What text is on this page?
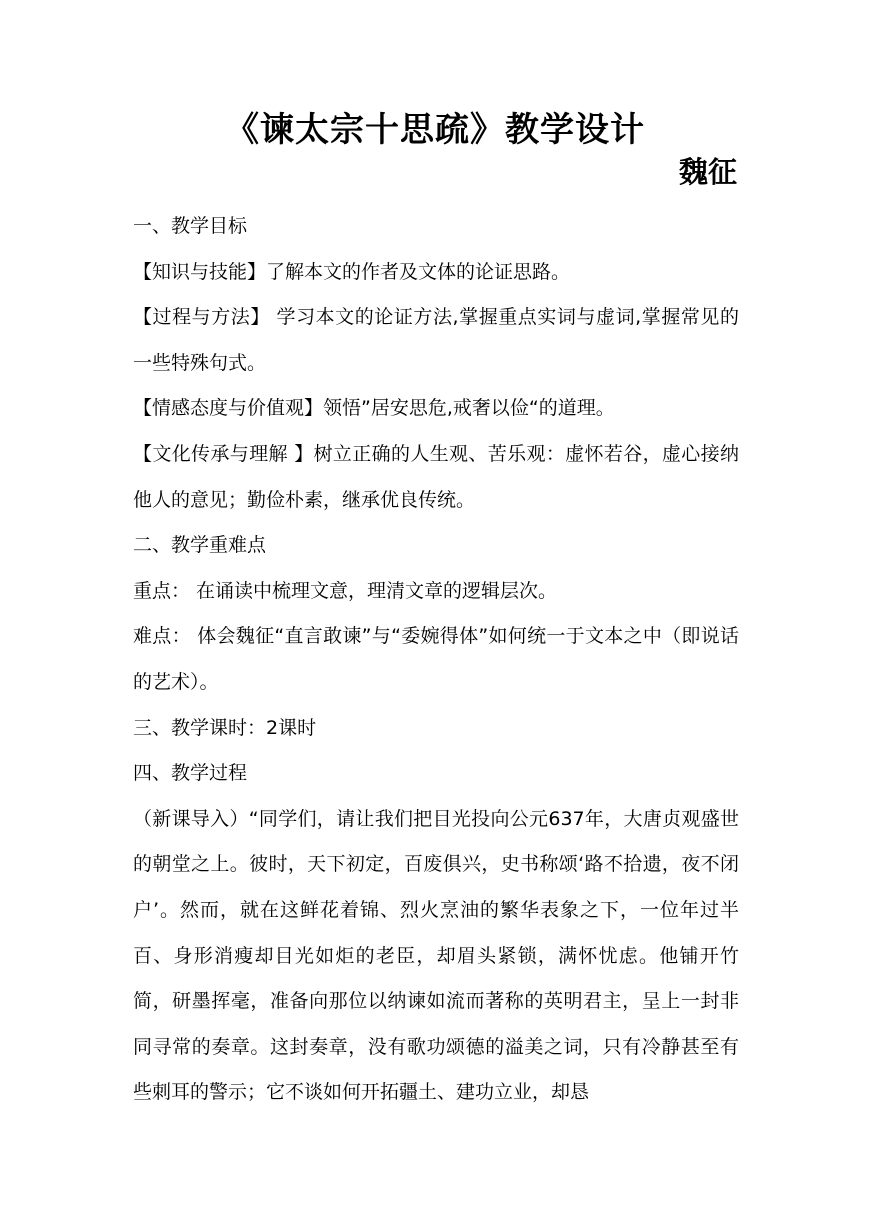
《谏太宗十思疏》教学设计
魏征

一、教学目标

【知识与技能】了解本文的作者及文体的论证思路。

【过程与方法】 学习本文的论证方法,掌握重点实词与虚词,掌握常见的一些特殊句式。

【情感态度与价值观】领悟”居安思危,戒奢以俭“的道理。

【文化传承与理解 】树立正确的人生观、苦乐观：虚怀若谷，虚心接纳他人的意见；勤俭朴素，继承优良传统。

二、教学重难点

重点： 在诵读中梳理文意，理清文章的逻辑层次。

难点： 体会魏征“直言敢谏”与“委婉得体”如何统一于文本之中（即说话的艺术）。

三、教学课时：2课时

四、教学过程

（新课导入）“同学们，请让我们把目光投向公元637年，大唐贞观盛世的朝堂之上。彼时，天下初定，百废俱兴，史书称颂‘路不拾遗，夜不闭户’。然而，就在这鲜花着锦、烈火烹油的繁华表象之下，一位年过半百、身形消瘦却目光如炬的老臣，却眉头紧锁，满怀忧虑。他铺开竹简，研墨挥毫，准备向那位以纳谏如流而著称的英明君主，呈上一封非同寻常的奏章。这封奏章，没有歌功颂德的溢美之词，只有冷静甚至有些刺耳的警示；它不谈如何开拓疆土、建功立业，却恳
